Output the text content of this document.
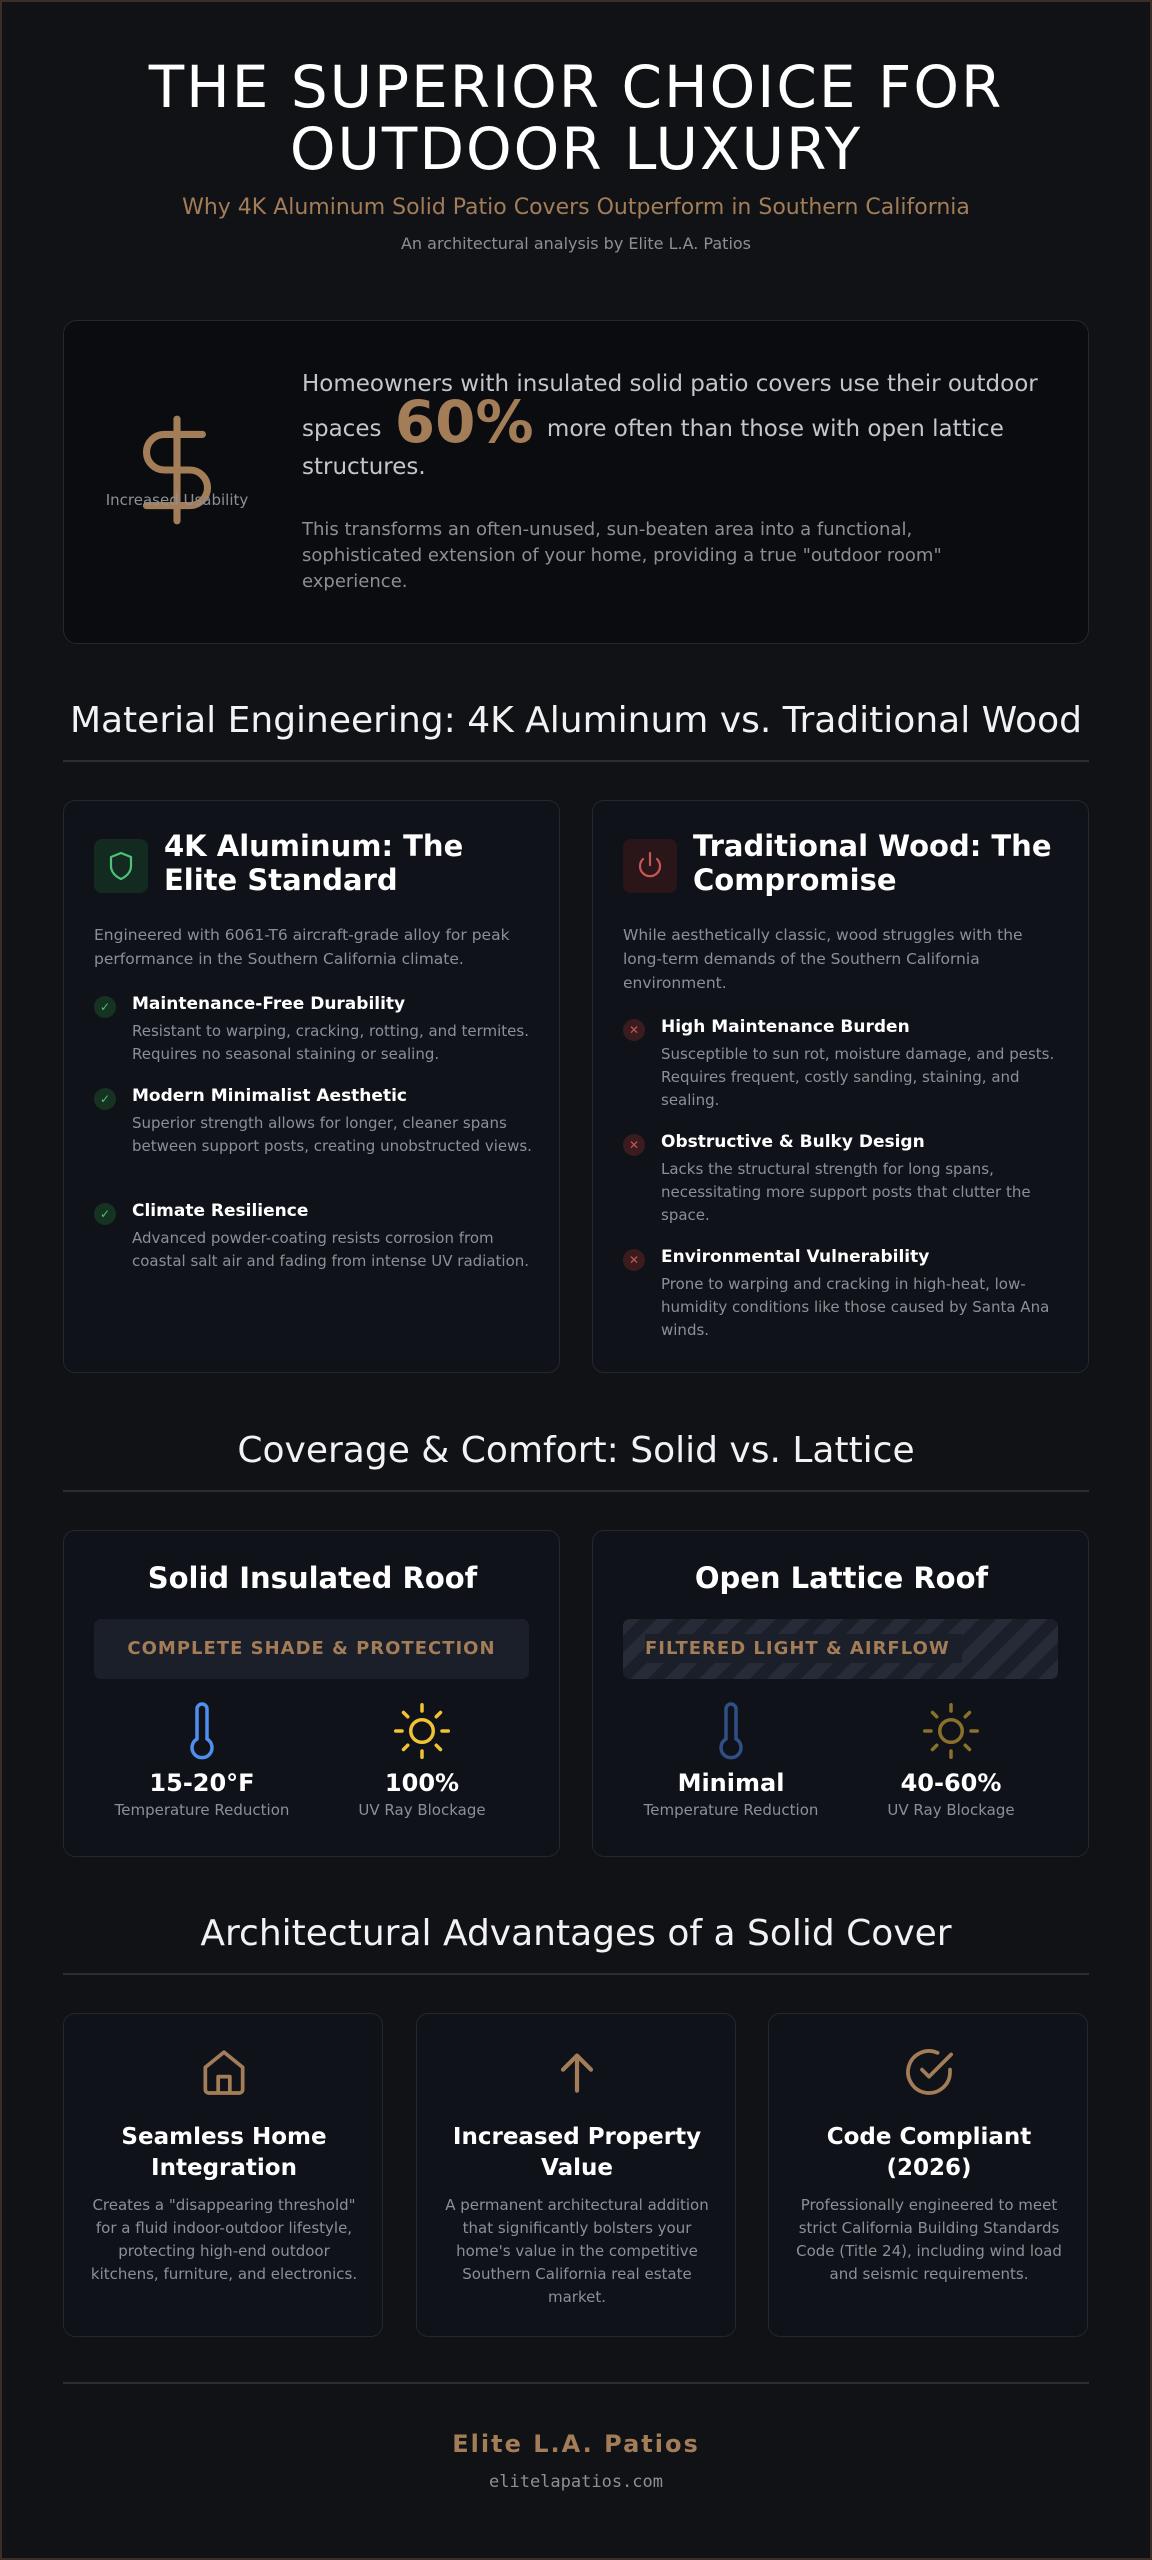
THE SUPERIOR CHOICE FOR
OUTDOOR LUXURY
Why 4K Aluminum Solid Patio Covers Outperform in Southern California
An architectural analysis by Elite L.A. Patios
Increased Usability
Homeowners with insulated solid patio covers use their outdoor spaces 60% more often than those with open lattice structures.
This transforms an often-unused, sun-beaten area into a functional, sophisticated extension of your home, providing a true "outdoor room" experience.
Material Engineering: 4K Aluminum vs. Traditional Wood
4K Aluminum: The Elite Standard
Engineered with 6061-T6 aircraft-grade alloy for peak performance in the Southern California climate.
✓	Maintenance-Free Durability
Resistant to warping, cracking, rotting, and termites. Requires no seasonal staining or sealing.
✓	Modern Minimalist Aesthetic
Superior strength allows for longer, cleaner spans between support posts, creating unobstructed views.
✓	Climate Resilience
Advanced powder-coating resists corrosion from coastal salt air and fading from intense UV radiation.
Traditional Wood: The Compromise
While aesthetically classic, wood struggles with the long-term demands of the Southern California environment.
✕	High Maintenance Burden
Susceptible to sun rot, moisture damage, and pests. Requires frequent, costly sanding, staining, and sealing.
✕	Obstructive & Bulky Design
Lacks the structural strength for long spans, necessitating more support posts that clutter the space.
✕	Environmental Vulnerability
Prone to warping and cracking in high-heat, low-humidity conditions like those caused by Santa Ana winds.
Coverage & Comfort: Solid vs. Lattice
Solid Insulated Roof
COMPLETE SHADE & PROTECTION
15-20°F
Temperature Reduction
100%
UV Ray Blockage
Open Lattice Roof
FILTERED LIGHT & AIRFLOW
Minimal
Temperature Reduction
40-60%
UV Ray Blockage
Architectural Advantages of a Solid Cover
Seamless Home Integration
Creates a "disappearing threshold" for a fluid indoor-outdoor lifestyle, protecting high-end outdoor kitchens, furniture, and electronics.
Increased Property Value
A permanent architectural addition that significantly bolsters your home's value in the competitive Southern California real estate market.
Code Compliant (2026)
Professionally engineered to meet strict California Building Standards Code (Title 24), including wind load and seismic requirements.
Elite L.A. Patios
elitelapatios.com
